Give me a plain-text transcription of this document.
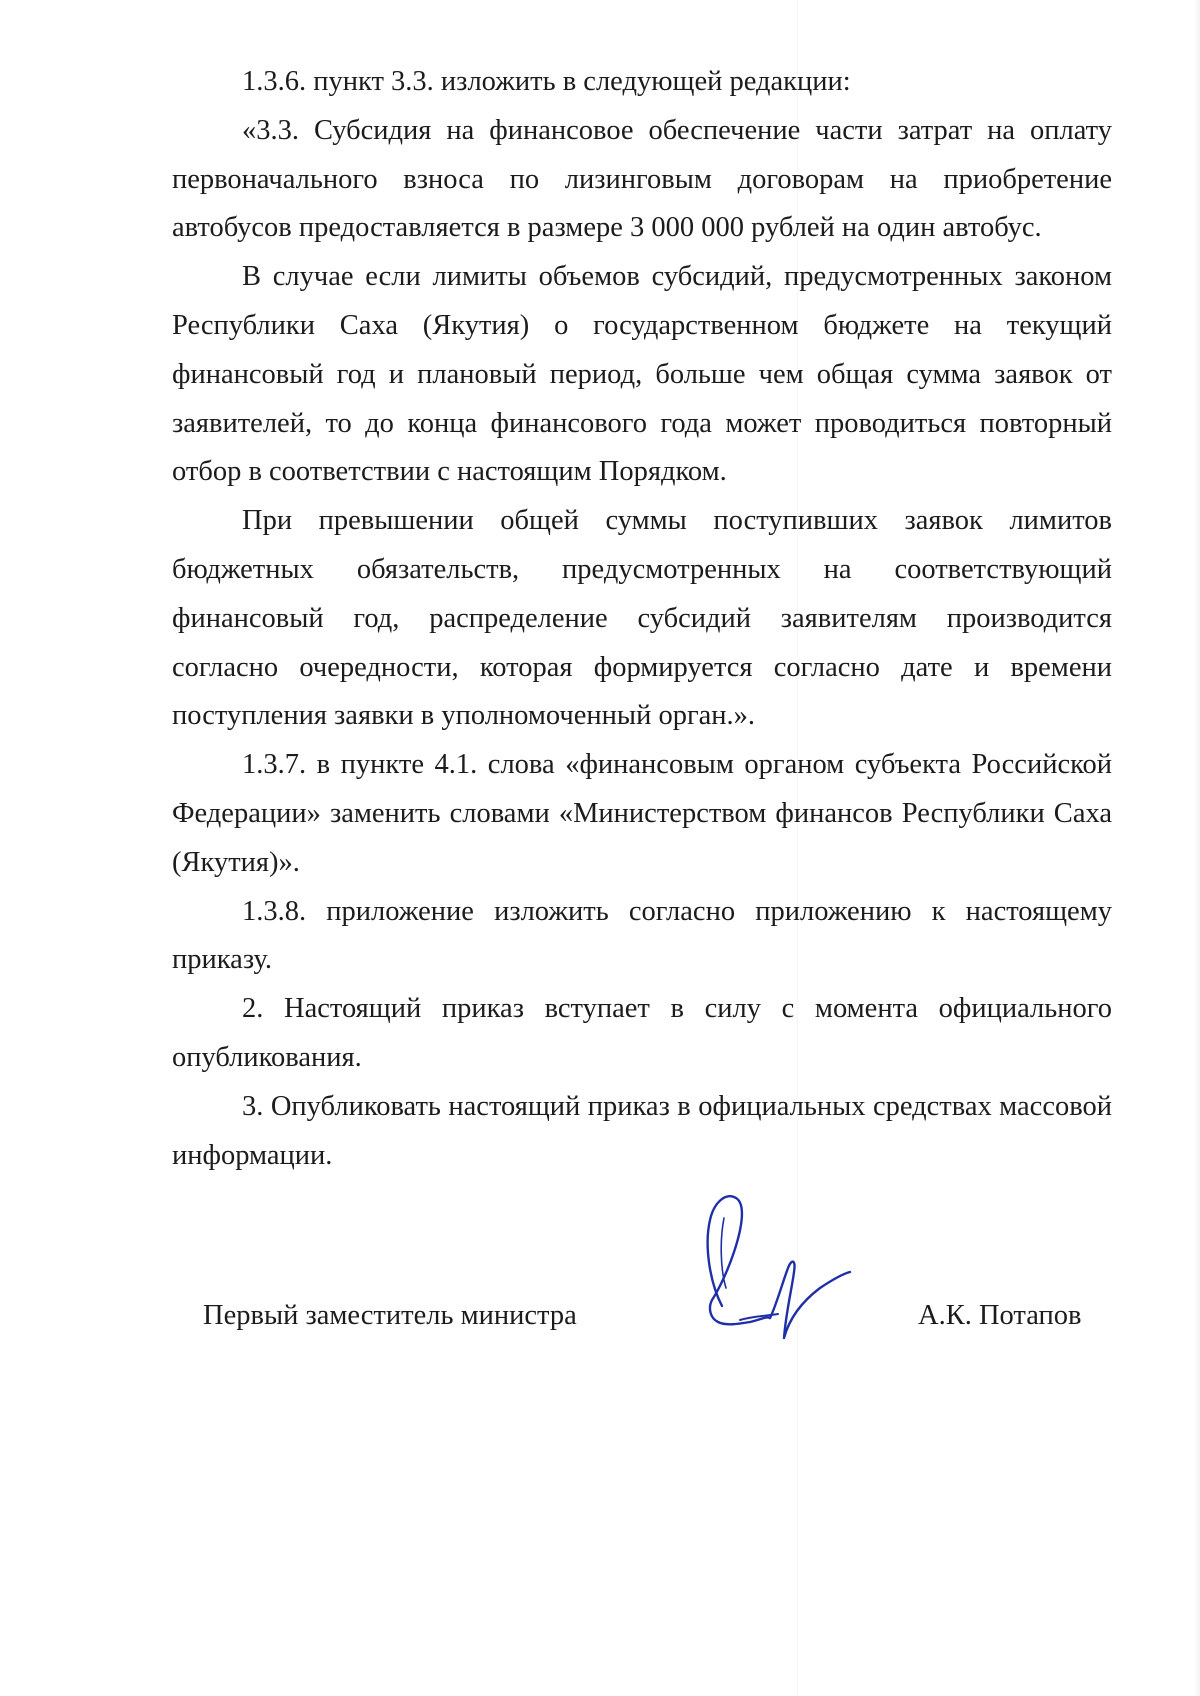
1.3.6. пункт 3.3. изложить в следующей редакции:

«3.3. Субсидия на финансовое обеспечение части затрат на оплату первоначального взноса по лизинговым договорам на приобретение автобусов предоставляется в размере 3 000 000 рублей на один автобус.

В случае если лимиты объемов субсидий, предусмотренных законом Республики Саха (Якутия) о государственном бюджете на текущий финансовый год и плановый период, больше чем общая сумма заявок от заявителей, то до конца финансового года может проводиться повторный отбор в соответствии с настоящим Порядком.

При превышении общей суммы поступивших заявок лимитов бюджетных обязательств, предусмотренных на соответствующий финансовый год, распределение субсидий заявителям производится согласно очередности, которая формируется согласно дате и времени поступления заявки в уполномоченный орган.».

1.3.7. в пункте 4.1. слова «финансовым органом субъекта Российской Федерации» заменить словами «Министерством финансов Республики Саха (Якутия)».

1.3.8. приложение изложить согласно приложению к настоящему приказу.

2. Настоящий приказ вступает в силу с момента официального опубликования.

3. Опубликовать настоящий приказ в официальных средствах массовой информации.

Первый заместитель министра	А.К. Потапов
